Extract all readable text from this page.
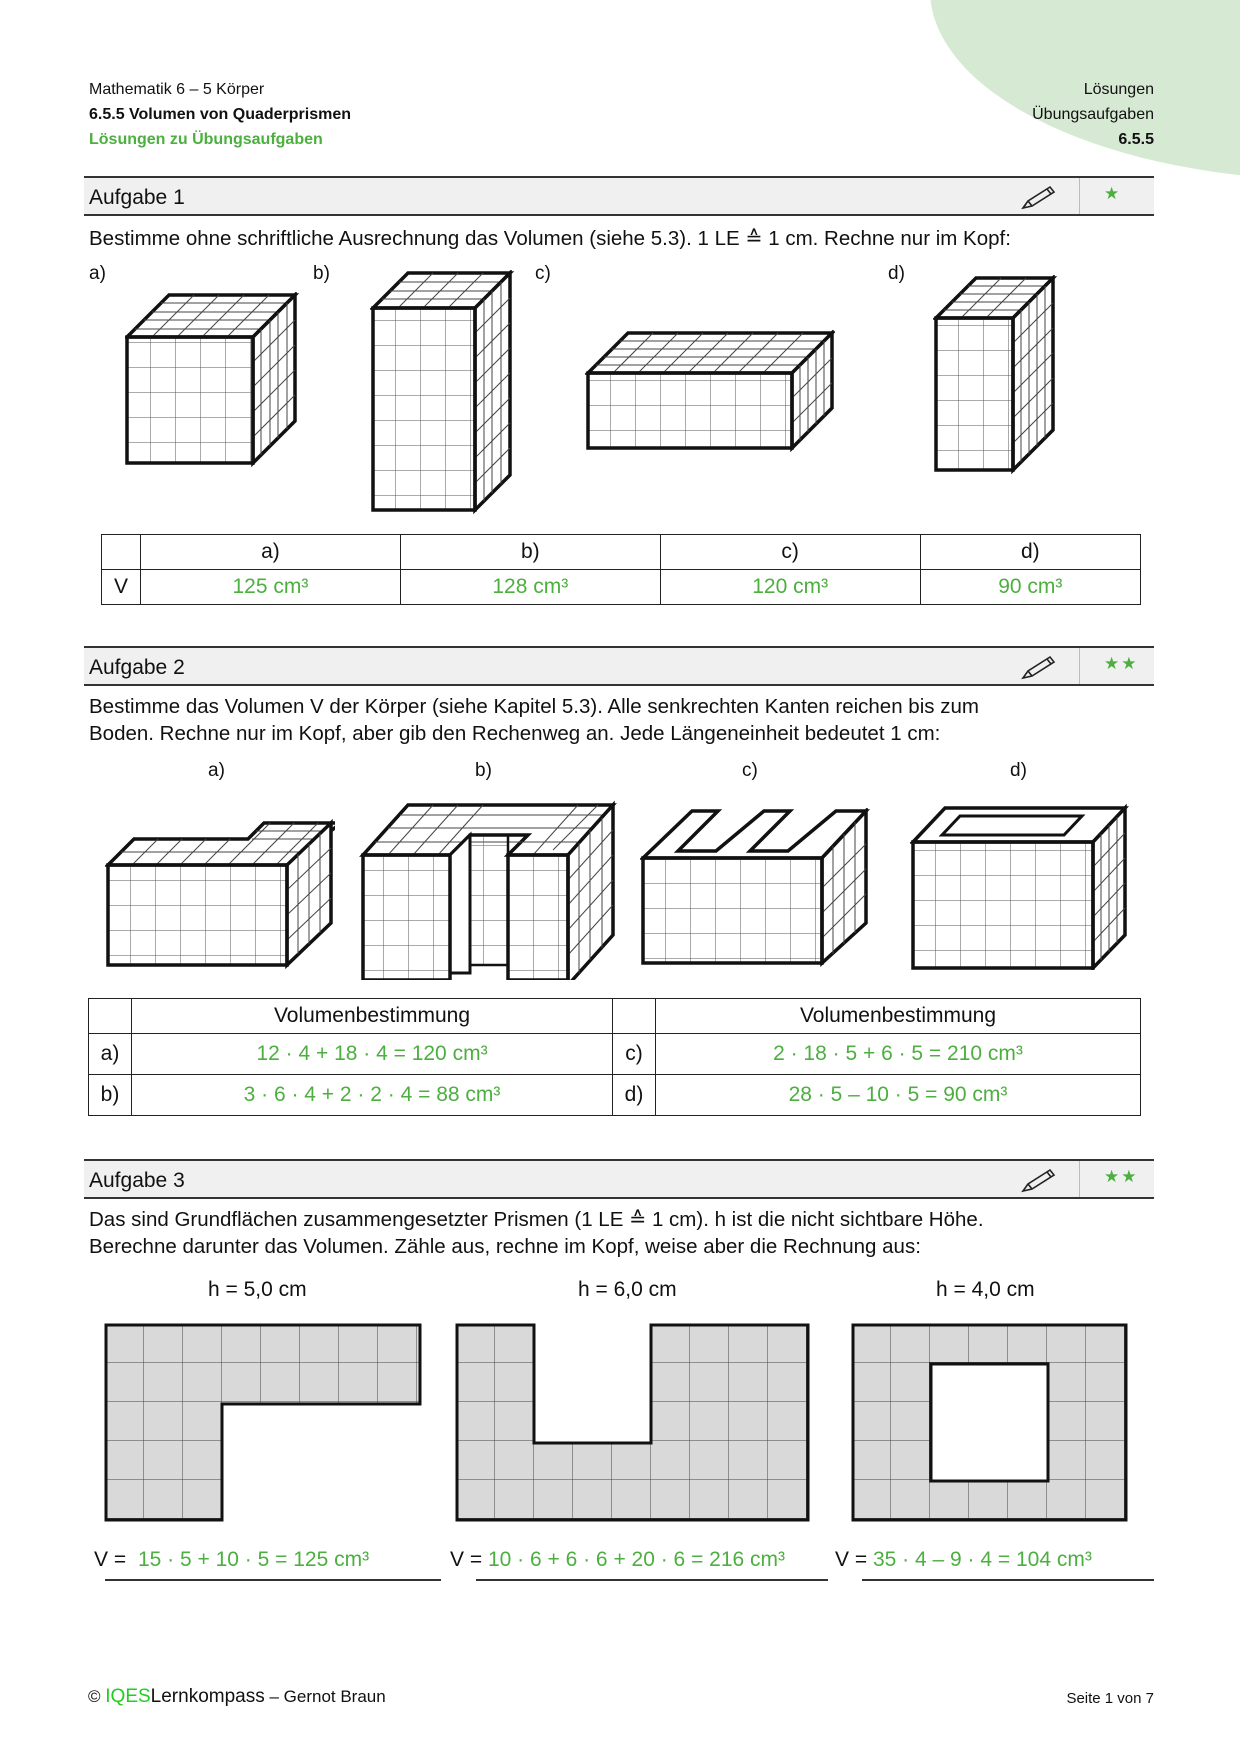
Mathematik 6 – 5 Körper
6.5.5 Volumen von Quaderprismen
Lösungen zu Übungsaufgaben
Lösungen
Übungsaufgaben
6.5.5
Aufgabe 1	★
Bestimme ohne schriftliche Ausrechnung das Volumen (siehe 5.3). 1 LE ≙ 1 cm. Rechne nur im Kopf:
a)	b)	c)	d)
	a)	b)	c)	d)
V	125 cm³	128 cm³	120 cm³	90 cm³
Aufgabe 2	★★
Bestimme das Volumen V der Körper (siehe Kapitel 5.3). Alle senkrechten Kanten reichen bis zum
Boden. Rechne nur im Kopf, aber gib den Rechenweg an. Jede Längeneinheit bedeutet 1 cm:
a)	b)	c)	d)
	Volumenbestimmung		Volumenbestimmung
a)	12 · 4 + 18 · 4 = 120 cm³	c)	2 · 18 · 5 + 6 · 5 = 210 cm³
b)	3 · 6 · 4 + 2 · 2 · 4 = 88 cm³	d)	28 · 5 – 10 · 5 = 90 cm³
Aufgabe 3	★★
Das sind Grundflächen zusammengesetzter Prismen (1 LE ≙ 1 cm). h ist die nicht sichtbare Höhe.
Berechne darunter das Volumen. Zähle aus, rechne im Kopf, weise aber die Rechnung aus:
h = 5,0 cm	h = 6,0 cm	h = 4,0 cm
V = 15 · 5 + 10 · 5 = 125 cm³	V = 10 · 6 + 6 · 6 + 20 · 6 = 216 cm³ V = 35 · 4 – 9 · 4 = 104 cm³
© IQESLernkompass – Gernot Braun	Seite 1 von 7
